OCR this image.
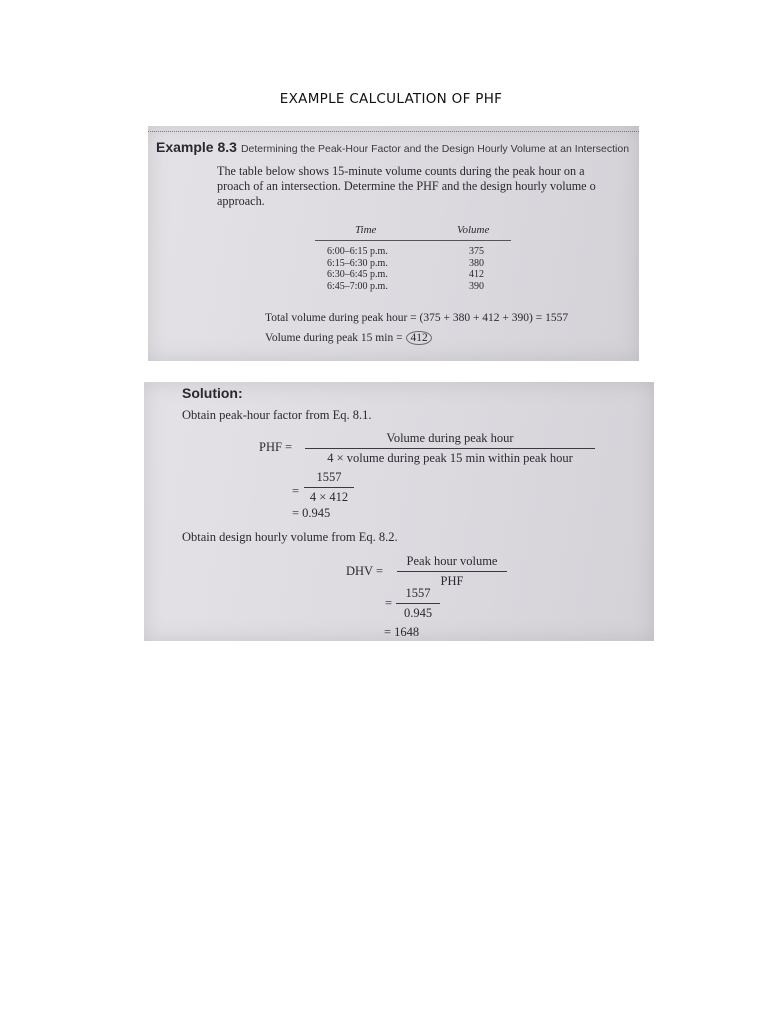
EXAMPLE CALCULATION OF PHF
Example 8.3 Determining the Peak-Hour Factor and the Design Hourly Volume at an Intersection
The table below shows 15-minute volume counts during the peak hour on a
proach of an intersection. Determine the PHF and the design hourly volume o
approach.
Time	Volume
6:00–6:15 p.m.	375
6:15–6:30 p.m.	380
6:30–6:45 p.m.	412
6:45–7:00 p.m.	390
Total volume during peak hour = (375 + 380 + 412 + 390) = 1557
Volume during peak 15 min = 412
Solution:
Obtain peak-hour factor from Eq. 8.1.
PHF =
Volume during peak hour
4 × volume during peak 15 min within peak hour
=
1557
4 × 412
= 0.945
Obtain design hourly volume from Eq. 8.2.
DHV =
Peak hour volume
PHF
=
1557
0.945
= 1648
